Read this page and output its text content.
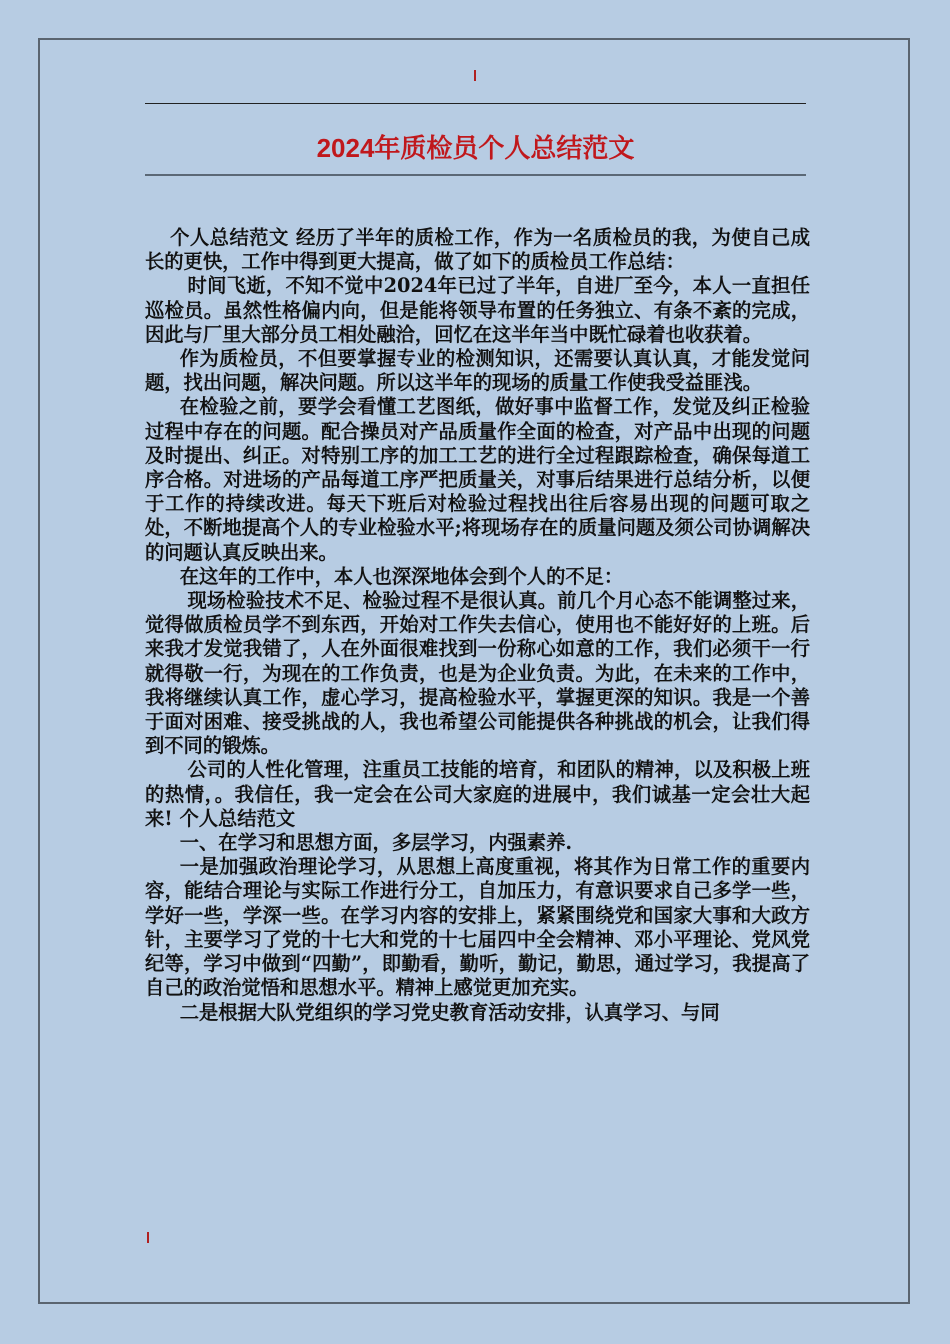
2024年质检员个人总结范文

个人总结范文 经历了半年的质检工作，作为一名质检员的我，为使自己成长的更快，工作中得到更大提高，做了如下的质检员工作总结：

时间飞逝，不知不觉中2024年已过了半年，自进厂至今，本人一直担任巡检员。虽然性格偏内向，但是能将领导布置的任务独立、有条不紊的完成，因此与厂里大部分员工相处融洽，回忆在这半年当中既忙碌着也收获着。

作为质检员，不但要掌握专业的检测知识，还需要认真认真，才能发觉问题，找出问题，解决问题。所以这半年的现场的质量工作使我受益匪浅。

在检验之前，要学会看懂工艺图纸，做好事中监督工作，发觉及纠正检验过程中存在的问题。配合操员对产品质量作全面的检查，对产品中出现的问题及时提出、纠正。对特别工序的加工工艺的进行全过程跟踪检查，确保每道工序合格。对进场的产品每道工序严把质量关，对事后结果进行总结分析，以便于工作的持续改进。每天下班后对检验过程找出往后容易出现的问题可取之处，不断地提高个人的专业检验水平;将现场存在的质量问题及须公司协调解决的问题认真反映出来。

在这年的工作中，本人也深深地体会到个人的不足：

现场检验技术不足、检验过程不是很认真。前几个月心态不能调整过来，觉得做质检员学不到东西，开始对工作失去信心，使用也不能好好的上班。后来我才发觉我错了，人在外面很难找到一份称心如意的工作，我们必须干一行就得敬一行，为现在的工作负责，也是为企业负责。为此，在未来的工作中，我将继续认真工作，虚心学习，提高检验水平，掌握更深的知识。我是一个善于面对困难、接受挑战的人，我也希望公司能提供各种挑战的机会，让我们得到不同的锻炼。

公司的人性化管理，注重员工技能的培育，和团队的精神，以及积极上班的热情，。我信任，我一定会在公司大家庭的进展中，我们诚基一定会壮大起来! 个人总结范文

一、在学习和思想方面，多层学习，内强素养.

一是加强政治理论学习，从思想上高度重视，将其作为日常工作的重要内容，能结合理论与实际工作进行分工，自加压力，有意识要求自己多学一些，学好一些，学深一些。在学习内容的安排上，紧紧围绕党和国家大事和大政方针，主要学习了党的十七大和党的十七届四中全会精神、邓小平理论、党风党纪等，学习中做到“四勤”，即勤看，勤听，勤记，勤思，通过学习，我提高了自己的政治觉悟和思想水平。精神上感觉更加充实。

二是根据大队党组织的学习党史教育活动安排，认真学习、与同
